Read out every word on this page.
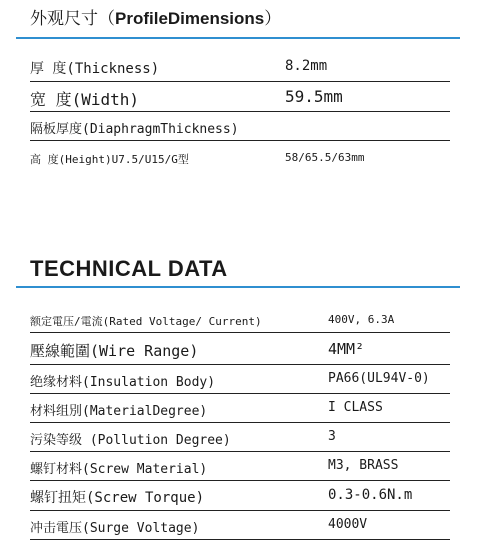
外观尺寸（ProfileDimensions）
厚 度(Thickness)	8.2mm
宽 度(Width)	59.5mm
隔板厚度(DiaphragmThickness)
高 度(Height)U7.5/U15/G型	58/65.5/63mm
TECHNICAL DATA
额定電压/電流(Rated Voltage/ Current)	400V, 6.3A
壓線範圍(Wire Range)	4MM²
绝缘材料(Insulation Body)	PA66(UL94V-0)
材料组別(MaterialDegree)	I CLASS
污染等级 (Pollution Degree)	3
螺钉材料(Screw Material)	M3, BRASS
螺钉扭矩(Screw Torque)	0.3-0.6N.m
冲击電压(Surge Voltage)	4000V
